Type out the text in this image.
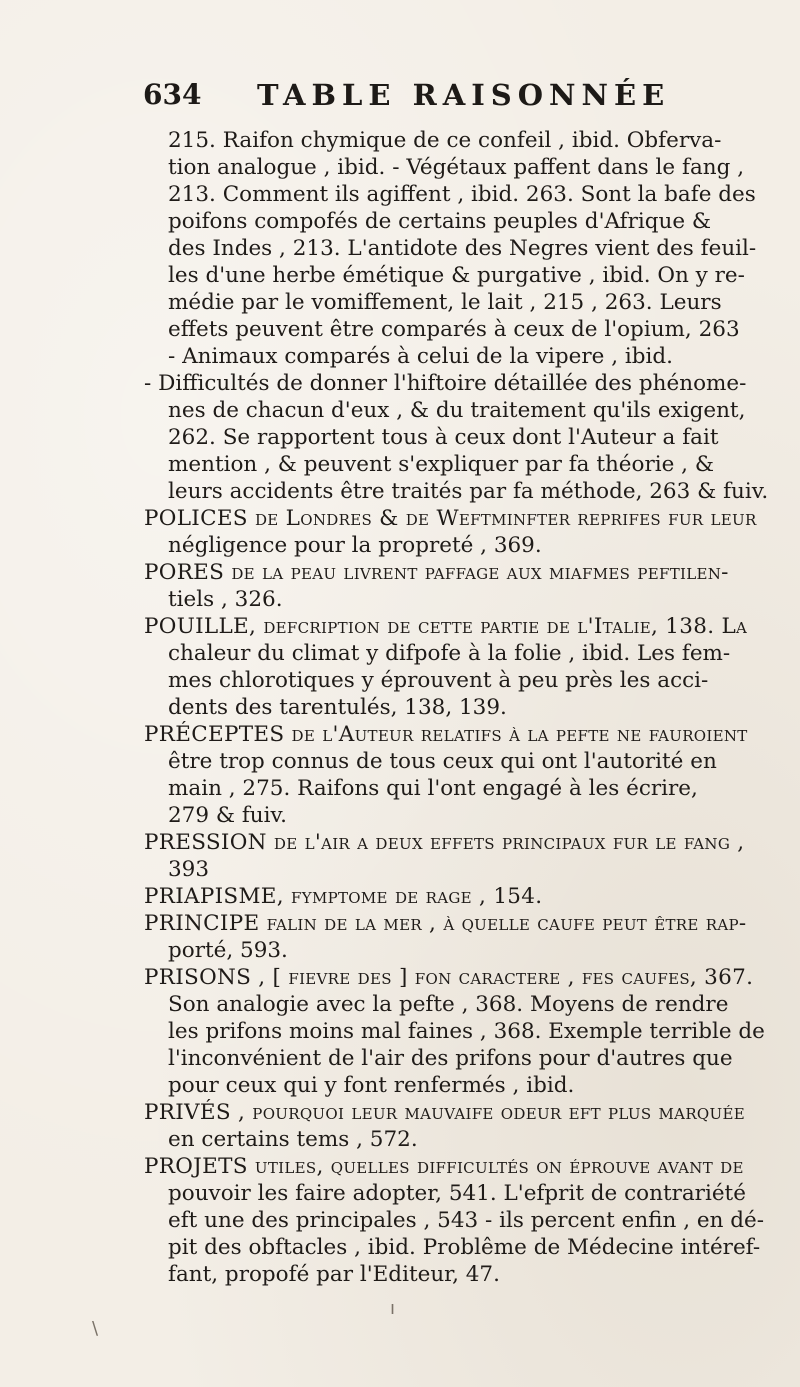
634 TABLE RAISONNÉE
215. Raifon chymique de ce confeil , ibid. Obferva-
tion analogue , ibid. - Végétaux paffent dans le fang ,
213. Comment ils agiffent , ibid. 263. Sont la bafe des
poifons compofés de certains peuples d'Afrique &
des Indes , 213. L'antidote des Negres vient des feuil-
les d'une herbe émétique & purgative , ibid. On y re-
médie par le vomiffement, le lait , 215 , 263. Leurs
effets peuvent être comparés à ceux de l'opium, 263
- Animaux comparés à celui de la vipere , ibid.
- Difficultés de donner l'hiftoire détaillée des phénome-
nes de chacun d'eux , & du traitement qu'ils exigent,
262. Se rapportent tous à ceux dont l'Auteur a fait
mention , & peuvent s'expliquer par fa théorie , &
leurs accidents être traités par fa méthode, 263 & fuiv.
POLICES de Londres & de Weftminfter reprifes fur leur
négligence pour la propreté , 369.
PORES de la peau livrent paffage aux miafmes peftilen-
tiels , 326.
POUILLE, defcription de cette partie de l'Italie, 138. La
chaleur du climat y difpofe à la folie , ibid. Les fem-
mes chlorotiques y éprouvent à peu près les acci-
dents des tarentulés, 138, 139.
PRÉCEPTES de l'Auteur relatifs à la pefte ne fauroient
être trop connus de tous ceux qui ont l'autorité en
main , 275. Raifons qui l'ont engagé à les écrire,
279 & fuiv.
PRESSION de l'air a deux effets principaux fur le fang ,
393
PRIAPISME, fymptome de rage , 154.
PRINCIPE falin de la mer , à quelle caufe peut être rap-
porté, 593.
PRISONS , [ fievre des ] fon caractere , fes caufes, 367.
Son analogie avec la pefte , 368. Moyens de rendre
les prifons moins mal faines , 368. Exemple terrible de
l'inconvénient de l'air des prifons pour d'autres que
pour ceux qui y font renfermés , ibid.
PRIVÉS , pourquoi leur mauvaife odeur eft plus marquée
en certains tems , 572.
PROJETS utiles, quelles difficultés on éprouve avant de
pouvoir les faire adopter, 541. L'efprit de contrariété
eft une des principales , 543 - ils percent enfin , en dé-
pit des obftacles , ibid. Problême de Médecine intéref-
fant, propofé par l'Editeur, 47.
\
ı
